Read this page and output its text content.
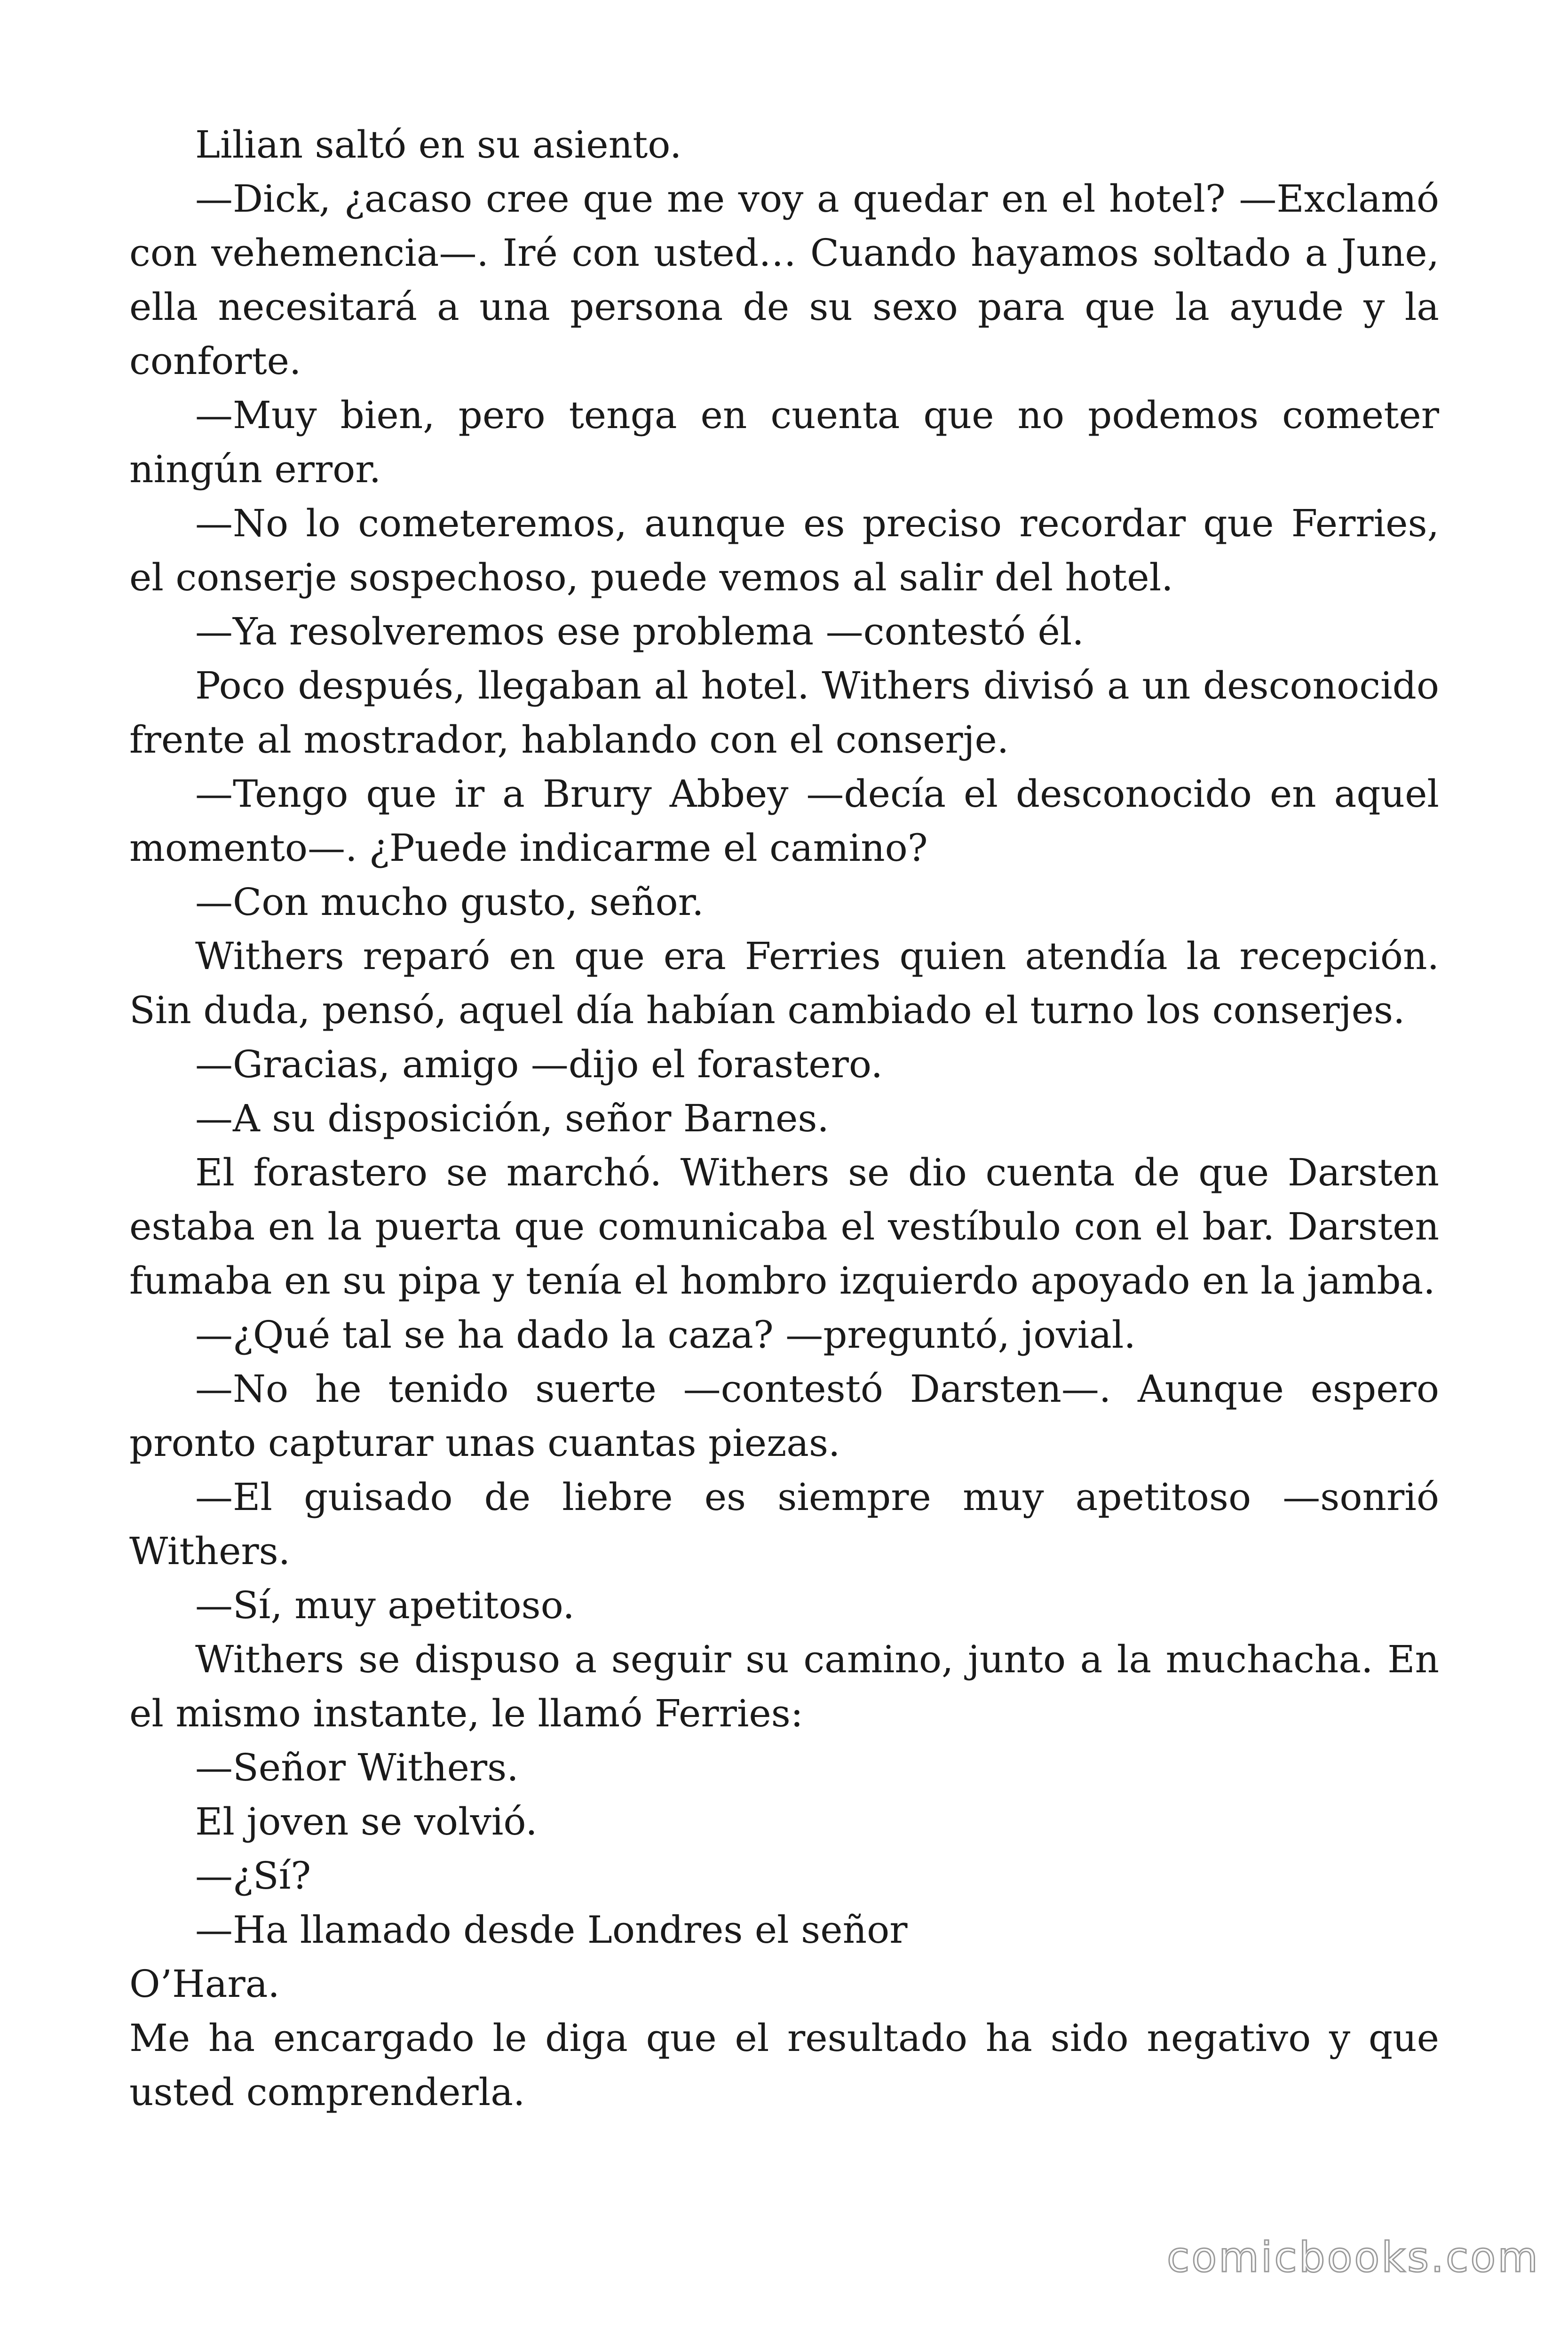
Lilian saltó en su asiento.

—Dick, ¿acaso cree que me voy a quedar en el hotel? —Exclamó con vehemencia—. Iré con usted… Cuando hayamos soltado a June, ella necesitará a una persona de su sexo para que la ayude y la conforte.

—Muy bien, pero tenga en cuenta que no podemos cometer ningún error.

—No lo cometeremos, aunque es preciso recordar que Ferries, el conserje sospechoso, puede vemos al salir del hotel.

—Ya resolveremos ese problema —contestó él.

Poco después, llegaban al hotel. Withers divisó a un desconocido frente al mostrador, hablando con el conserje.

—Tengo que ir a Brury Abbey —decía el desconocido en aquel momento—. ¿Puede indicarme el camino?

—Con mucho gusto, señor.

Withers reparó en que era Ferries quien atendía la recepción. Sin duda, pensó, aquel día habían cambiado el turno los conserjes.

—Gracias, amigo —dijo el forastero.

—A su disposición, señor Barnes.

El forastero se marchó. Withers se dio cuenta de que Darsten estaba en la puerta que comunicaba el vestíbulo con el bar. Darsten fumaba en su pipa y tenía el hombro izquierdo apoyado en la jamba.

—¿Qué tal se ha dado la caza? —preguntó, jovial.

—No he tenido suerte —contestó Darsten—. Aunque espero pronto capturar unas cuantas piezas.

—El guisado de liebre es siempre muy apetitoso —sonrió Withers.

—Sí, muy apetitoso.

Withers se dispuso a seguir su camino, junto a la muchacha. En el mismo instante, le llamó Ferries:

—Señor Withers.

El joven se volvió.

—¿Sí?

—Ha llamado desde Londres el señor

O’Hara.

Me ha encargado le diga que el resultado ha sido negativo y que usted comprenderla.

comicbooks.com
